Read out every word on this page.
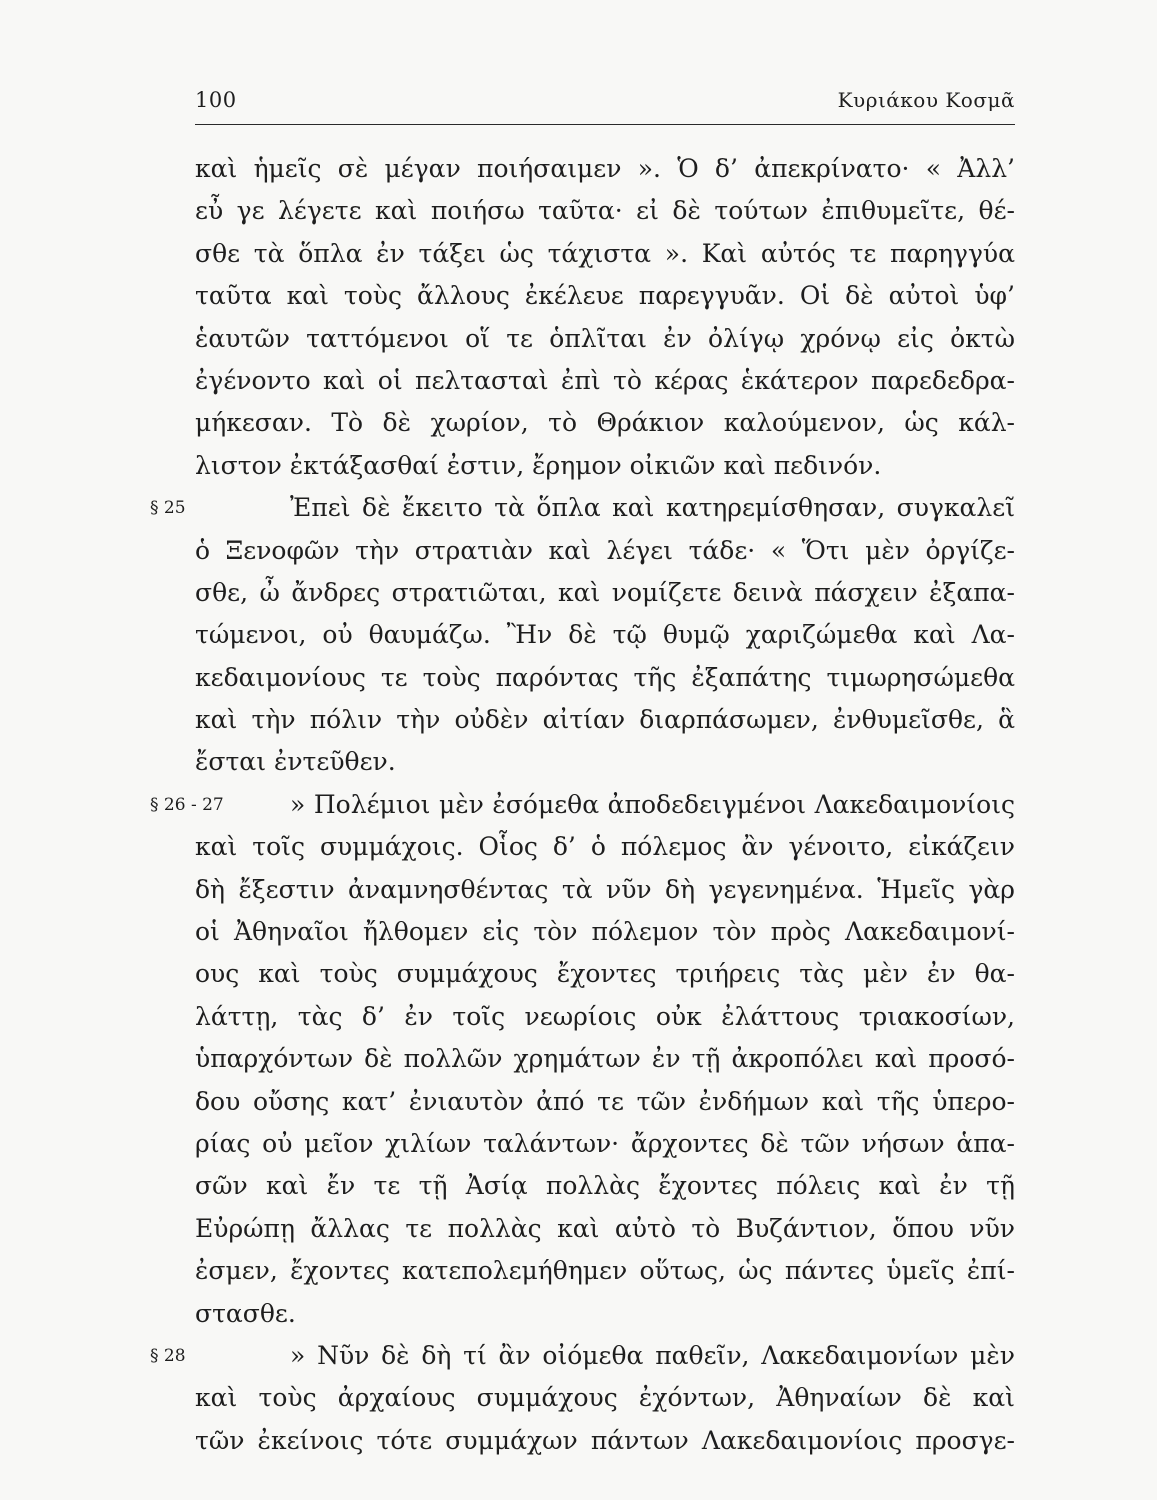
100	Κυριάκου Κοσμᾶ
καὶ ἡμεῖς σὲ μέγαν ποιήσαιμεν ». Ὁ δ’ ἀπεκρίνατο· « Ἀλλ’
εὖ γε λέγετε καὶ ποιήσω ταῦτα· εἰ δὲ τούτων ἐπιθυμεῖτε, θέ-
σθε τὰ ὅπλα ἐν τάξει ὡς τάχιστα ». Καὶ αὐτός τε παρηγγύα
ταῦτα καὶ τοὺς ἄλλους ἐκέλευε παρεγγυᾶν. Οἱ δὲ αὐτοὶ ὑφ’
ἑαυτῶν ταττόμενοι οἵ τε ὁπλῖται ἐν ὀλίγῳ χρόνῳ εἰς ὀκτὼ
ἐγένοντο καὶ οἱ πελτασταὶ ἐπὶ τὸ κέρας ἑκάτερον παρεδεδρα-
μήκεσαν. Τὸ δὲ χωρίον, τὸ Θράκιον καλούμενον, ὡς κάλ-
λιστον ἐκτάξασθαί ἐστιν, ἔρημον οἰκιῶν καὶ πεδινόν.
§ 25	Ἐπεὶ δὲ ἔκειτο τὰ ὅπλα καὶ κατηρεμίσθησαν, συγκαλεῖ
ὁ Ξενοφῶν τὴν στρατιὰν καὶ λέγει τάδε· « Ὅτι μὲν ὀργίζε-
σθε, ὦ ἄνδρες στρατιῶται, καὶ νομίζετε δεινὰ πάσχειν ἐξαπα-
τώμενοι, οὐ θαυμάζω. Ἢν δὲ τῷ θυμῷ χαριζώμεθα καὶ Λα-
κεδαιμονίους τε τοὺς παρόντας τῆς ἐξαπάτης τιμωρησώμεθα
καὶ τὴν πόλιν τὴν οὐδὲν αἰτίαν διαρπάσωμεν, ἐνθυμεῖσθε, ἃ
ἔσται ἐντεῦθεν.
§ 26 - 27	» Πολέμιοι μὲν ἐσόμεθα ἀποδεδειγμένοι Λακεδαιμονίοις
καὶ τοῖς συμμάχοις. Οἷος δ’ ὁ πόλεμος ἂν γένοιτο, εἰκάζειν
δὴ ἔξεστιν ἀναμνησθέντας τὰ νῦν δὴ γεγενημένα. Ἡμεῖς γὰρ
οἱ Ἀθηναῖοι ἤλθομεν εἰς τὸν πόλεμον τὸν πρὸς Λακεδαιμονί-
ους καὶ τοὺς συμμάχους ἔχοντες τριήρεις τὰς μὲν ἐν θα-
λάττῃ, τὰς δ’ ἐν τοῖς νεωρίοις οὐκ ἐλάττους τριακοσίων,
ὑπαρχόντων δὲ πολλῶν χρημάτων ἐν τῇ ἀκροπόλει καὶ προσό-
δου οὔσης κατ’ ἐνιαυτὸν ἀπό τε τῶν ἐνδήμων καὶ τῆς ὑπερο-
ρίας οὐ μεῖον χιλίων ταλάντων· ἄρχοντες δὲ τῶν νήσων ἁπα-
σῶν καὶ ἔν τε τῇ Ἀσίᾳ πολλὰς ἔχοντες πόλεις καὶ ἐν τῇ
Εὐρώπῃ ἄλλας τε πολλὰς καὶ αὐτὸ τὸ Βυζάντιον, ὅπου νῦν
ἐσμεν, ἔχοντες κατεπολεμήθημεν οὕτως, ὡς πάντες ὑμεῖς ἐπί-
στασθε.
§ 28	» Νῦν δὲ δὴ τί ἂν οἰόμεθα παθεῖν, Λακεδαιμονίων μὲν
καὶ τοὺς ἀρχαίους συμμάχους ἐχόντων, Ἀθηναίων δὲ καὶ
τῶν ἐκείνοις τότε συμμάχων πάντων Λακεδαιμονίοις προσγε-
